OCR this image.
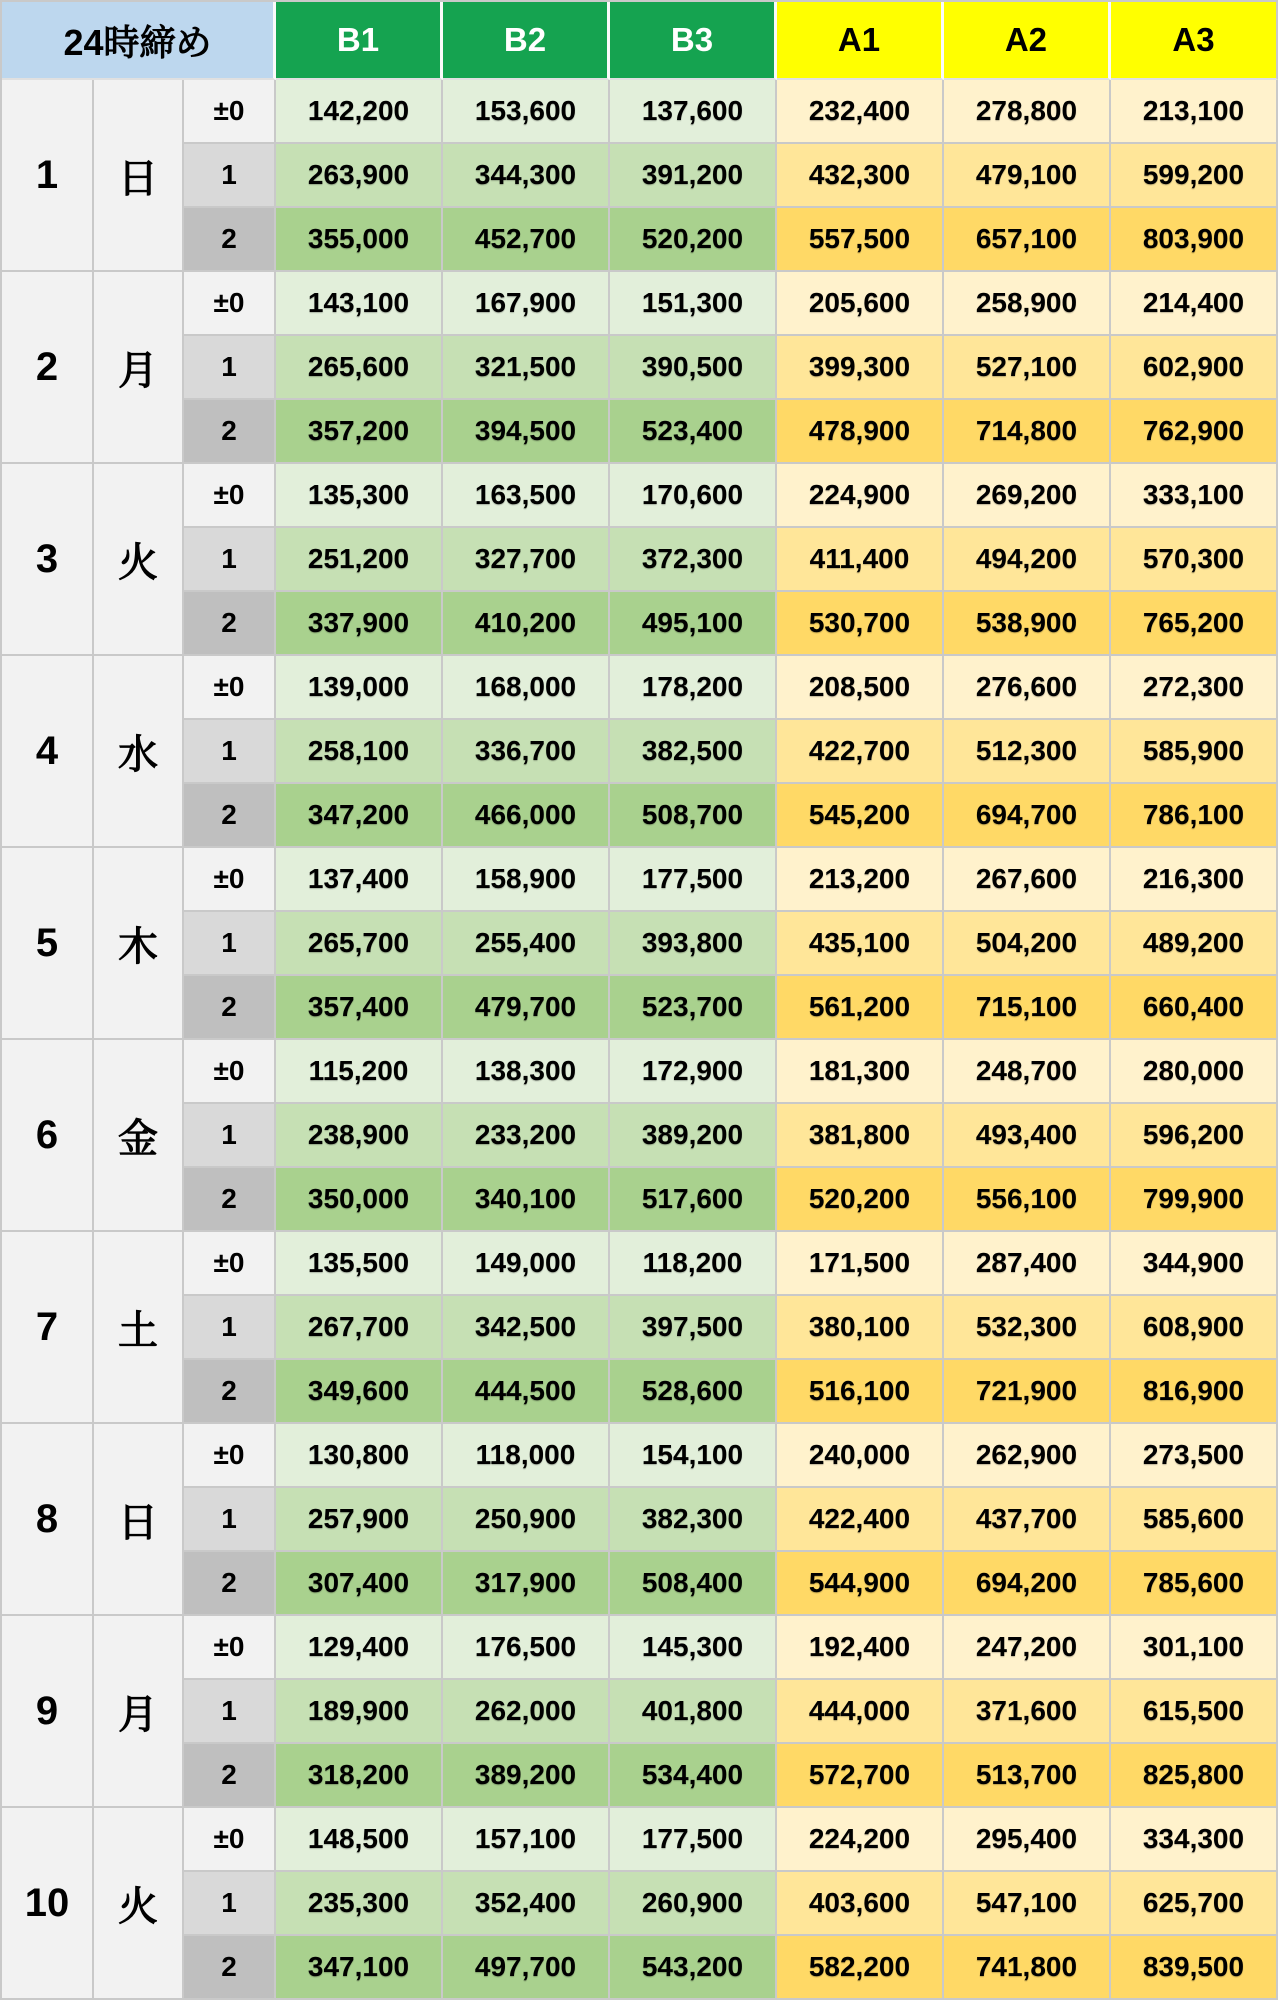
24時締め			B1	B2	B3	A1	A2	A3
1	日	±0	142,200	153,600	137,600	232,400	278,800	213,100
		1	263,900	344,300	391,200	432,300	479,100	599,200
		2	355,000	452,700	520,200	557,500	657,100	803,900
2	月	±0	143,100	167,900	151,300	205,600	258,900	214,400
		1	265,600	321,500	390,500	399,300	527,100	602,900
		2	357,200	394,500	523,400	478,900	714,800	762,900
3	火	±0	135,300	163,500	170,600	224,900	269,200	333,100
		1	251,200	327,700	372,300	411,400	494,200	570,300
		2	337,900	410,200	495,100	530,700	538,900	765,200
4	水	±0	139,000	168,000	178,200	208,500	276,600	272,300
		1	258,100	336,700	382,500	422,700	512,300	585,900
		2	347,200	466,000	508,700	545,200	694,700	786,100
5	木	±0	137,400	158,900	177,500	213,200	267,600	216,300
		1	265,700	255,400	393,800	435,100	504,200	489,200
		2	357,400	479,700	523,700	561,200	715,100	660,400
6	金	±0	115,200	138,300	172,900	181,300	248,700	280,000
		1	238,900	233,200	389,200	381,800	493,400	596,200
		2	350,000	340,100	517,600	520,200	556,100	799,900
7	土	±0	135,500	149,000	118,200	171,500	287,400	344,900
		1	267,700	342,500	397,500	380,100	532,300	608,900
		2	349,600	444,500	528,600	516,100	721,900	816,900
8	日	±0	130,800	118,000	154,100	240,000	262,900	273,500
		1	257,900	250,900	382,300	422,400	437,700	585,600
		2	307,400	317,900	508,400	544,900	694,200	785,600
9	月	±0	129,400	176,500	145,300	192,400	247,200	301,100
		1	189,900	262,000	401,800	444,000	371,600	615,500
		2	318,200	389,200	534,400	572,700	513,700	825,800
10	火	±0	148,500	157,100	177,500	224,200	295,400	334,300
		1	235,300	352,400	260,900	403,600	547,100	625,700
		2	347,100	497,700	543,200	582,200	741,800	839,500
